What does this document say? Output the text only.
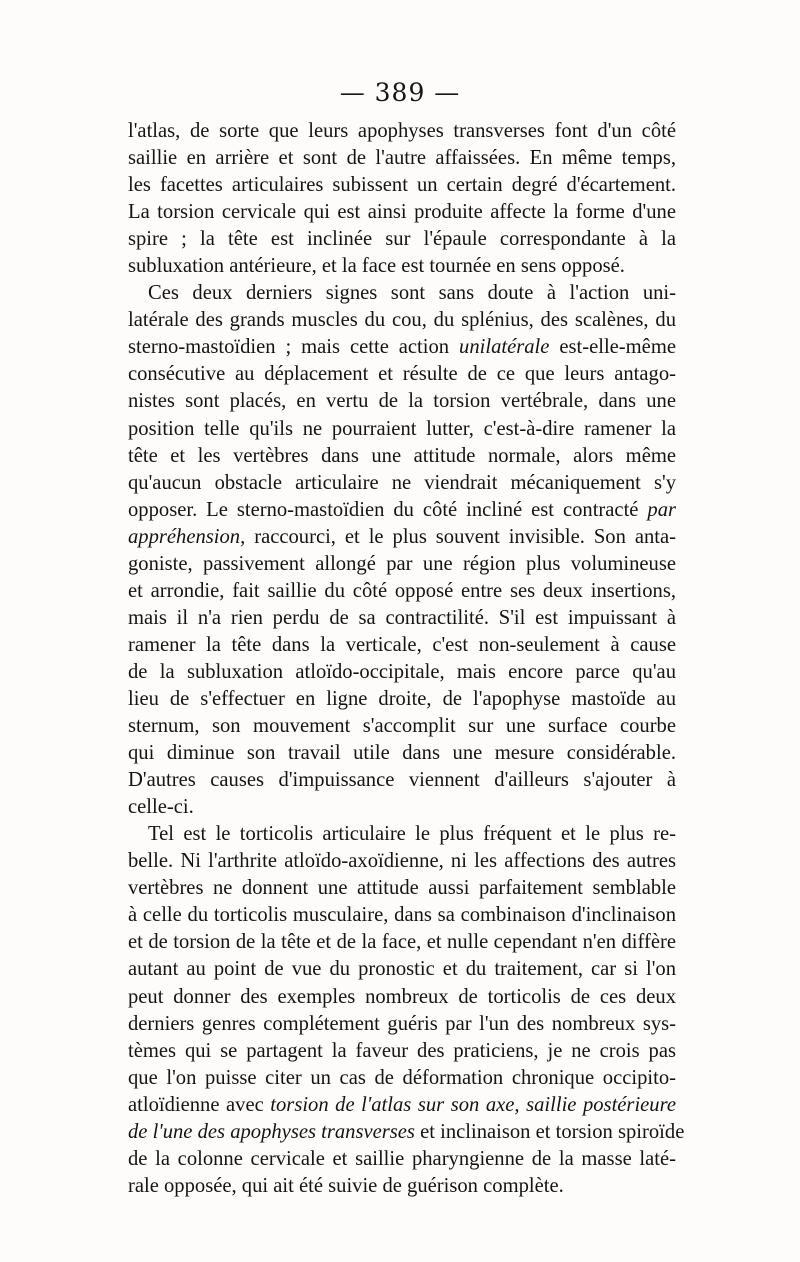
— 389 —
l'atlas, de sorte que leurs apophyses transverses font d'un côté
saillie en arrière et sont de l'autre affaissées. En même temps,
les facettes articulaires subissent un certain degré d'écartement.
La torsion cervicale qui est ainsi produite affecte la forme d'une
spire ; la tête est inclinée sur l'épaule correspondante à la
subluxation antérieure, et la face est tournée en sens opposé.
Ces deux derniers signes sont sans doute à l'action uni-
latérale des grands muscles du cou, du splénius, des scalènes, du
sterno-mastoïdien ; mais cette action unilatérale est-elle-même
consécutive au déplacement et résulte de ce que leurs antago-
nistes sont placés, en vertu de la torsion vertébrale, dans une
position telle qu'ils ne pourraient lutter, c'est-à-dire ramener la
tête et les vertèbres dans une attitude normale, alors même
qu'aucun obstacle articulaire ne viendrait mécaniquement s'y
opposer. Le sterno-mastoïdien du côté incliné est contracté par
appréhension, raccourci, et le plus souvent invisible. Son anta-
goniste, passivement allongé par une région plus volumineuse
et arrondie, fait saillie du côté opposé entre ses deux insertions,
mais il n'a rien perdu de sa contractilité. S'il est impuissant à
ramener la tête dans la verticale, c'est non-seulement à cause
de la subluxation atloïdo-occipitale, mais encore parce qu'au
lieu de s'effectuer en ligne droite, de l'apophyse mastoïde au
sternum, son mouvement s'accomplit sur une surface courbe
qui diminue son travail utile dans une mesure considérable.
D'autres causes d'impuissance viennent d'ailleurs s'ajouter à
celle-ci.
Tel est le torticolis articulaire le plus fréquent et le plus re-
belle. Ni l'arthrite atloïdo-axoïdienne, ni les affections des autres
vertèbres ne donnent une attitude aussi parfaitement semblable
à celle du torticolis musculaire, dans sa combinaison d'inclinaison
et de torsion de la tête et de la face, et nulle cependant n'en diffère
autant au point de vue du pronostic et du traitement, car si l'on
peut donner des exemples nombreux de torticolis de ces deux
derniers genres complétement guéris par l'un des nombreux sys-
tèmes qui se partagent la faveur des praticiens, je ne crois pas
que l'on puisse citer un cas de déformation chronique occipito-
atloïdienne avec torsion de l'atlas sur son axe, saillie postérieure
de l'une des apophyses transverses et inclinaison et torsion spiroïde
de la colonne cervicale et saillie pharyngienne de la masse laté-
rale opposée, qui ait été suivie de guérison complète.
